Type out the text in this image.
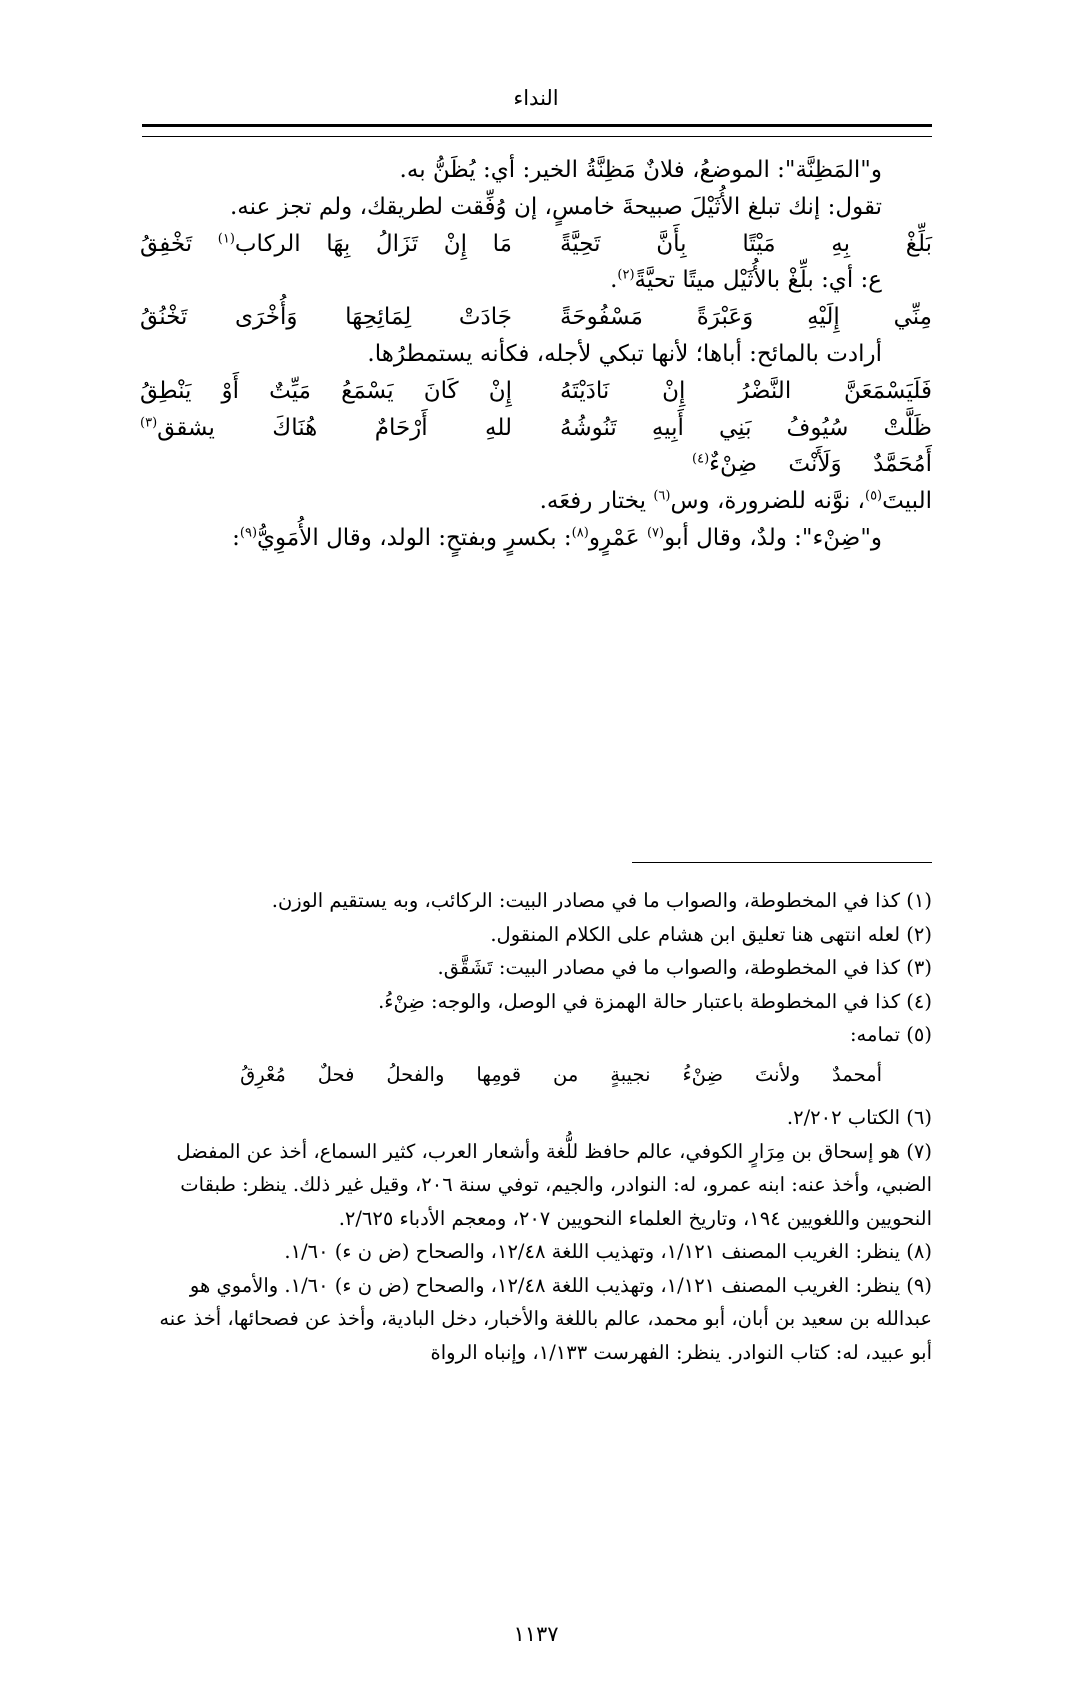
النداء

و"المَظِنَّة": الموضعُ، فلانٌ مَظِنَّةُ الخير: أي: يُظَنُّ به.

تقول: إنك تبلغ الأُثَيْلَ صبيحةَ خامسٍ، إن وُفِّقت لطريقك، ولم تجز عنه.

بَلِّغْ
بِهِ
مَيْتًا
بِأَنَّ
تَحِيَّةً
مَا
إِنْ
تَزَالُ
بِهَا
الركاب$^{(١)}$
تَخْفِقُ

ع: أي: بلِّغْ بالأُثَيْل ميتًا تحيَّةً$^{(٢)}$.

مِنِّي
إِلَيْهِ
وَعَبْرَةً
مَسْفُوحَةً
جَادَتْ
لِمَائِحِهَا
وَأُخْرَى
تَخْنُقُ

أرادت بالمائح: أباها؛ لأنها تبكي لأجله، فكأنه يستمطرُها.

فَلَيَسْمَعَنَّ
النَّضْرُ
إِنْ
نَادَيْتَهُ
إِنْ
كَانَ
يَسْمَعُ
مَيِّتٌ
أَوْ
يَنْطِقُ
ظَلَّتْ
سُيُوفُ
بَنِي
أَبِيهِ
تَنُوشُهُ
للهِ
أَرْحَامٌ
هُنَاكَ
يشقق$^{(٣)}$
أَمُحَمَّدٌ
وَلَأَنْتَ
ضِنْءٌ$^{(٤)}$

البيتَ$^{(٥)}$، نوَّنه للضرورة، وس$^{(٦)}$ يختار رفعَه.

و"ضِنْء": ولدٌ، وقال أبو$^{(٧)}$ عَمْرٍو$^{(٨)}$: بكسرٍ وبفتحٍ: الولد، وقال الأُمَوِيُّ$^{(٩)}$:

(١) كذا في المخطوطة، والصواب ما في مصادر البيت: الركائب، وبه يستقيم الوزن.

(٢) لعله انتهى هنا تعليق ابن هشام على الكلام المنقول.

(٣) كذا في المخطوطة، والصواب ما في مصادر البيت: تَشَقَّق.

(٤) كذا في المخطوطة باعتبار حالة الهمزة في الوصل، والوجه: ضِنْءُ.

(٥) تمامه:

أمحمدٌ
ولأنتَ
ضِنْءُ
نجيبةٍ
من
قومِها
والفحلُ
فحلٌ
مُعْرِقُ

(٦) الكتاب ٢/٢٠٢.

(٧) هو إسحاق بن مِرَارٍ الكوفي، عالم حافظ للُّغة وأشعار العرب، كثير السماع، أخذ عن المفضل الضبي، وأخذ عنه: ابنه عمرو، له: النوادر، والجيم، توفي سنة ٢٠٦، وقيل غير ذلك. ينظر: طبقات النحويين واللغويين ١٩٤، وتاريخ العلماء النحويين ٢٠٧، ومعجم الأدباء ٢/٦٢٥.

(٨) ينظر: الغريب المصنف ١/١٢١، وتهذيب اللغة ١٢/٤٨، والصحاح (ض ن ء) ١/٦٠.

(٩) ينظر: الغريب المصنف ١/١٢١، وتهذيب اللغة ١٢/٤٨، والصحاح (ض ن ء) ١/٦٠. والأموي هو عبدالله بن سعيد بن أبان، أبو محمد، عالم باللغة والأخبار، دخل البادية، وأخذ عن فصحائها، أخذ عنه أبو عبيد، له: كتاب النوادر. ينظر: الفهرست ١/١٣٣، وإنباه الرواة

١١٣٧
